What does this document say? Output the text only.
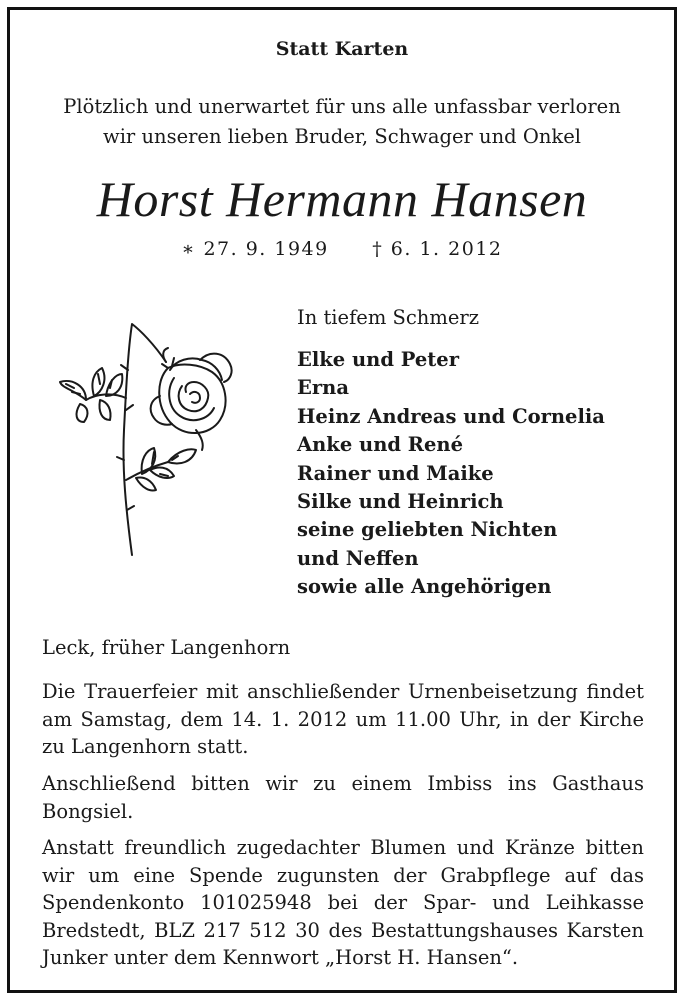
Statt Karten
Plötzlich und unerwartet für uns alle unfassbar verloren
wir unseren lieben Bruder, Schwager und Onkel
Horst Hermann Hansen
∗ 27. 9. 1949 † 6. 1. 2012
In tiefem Schmerz
Elke und Peter
Erna
Heinz Andreas und Cornelia
Anke und René
Rainer und Maike
Silke und Heinrich
seine geliebten Nichten
und Neffen
sowie alle Angehörigen
Leck, früher Langenhorn
Die Trauerfeier mit anschließender Urnenbeisetzung findet am Samstag, dem 14. 1. 2012 um 11.00 Uhr, in der Kirche zu Langenhorn statt.
Anschließend bitten wir zu einem Imbiss ins Gasthaus Bongsiel.
Anstatt freundlich zugedachter Blumen und Kränze bitten wir um eine Spende zugunsten der Grabpflege auf das Spendenkonto 101025948 bei der Spar- und Leihkasse Bredstedt, BLZ 217 512 30 des Bestattungshauses Karsten Junker unter dem Kennwort „Horst H. Hansen“.
